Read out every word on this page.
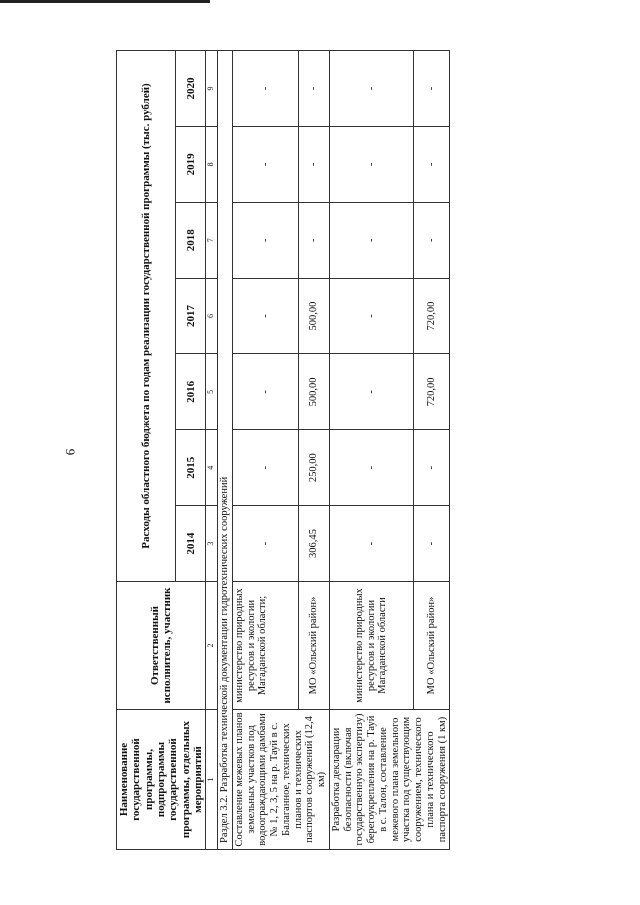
9
Наименование государственной программы, подпрограммы государственной программы, отдельных мероприятий	Ответственный исполнитель, участник	Расходы областного бюджета по годам реализации государственной программы (тыс. рублей)						
		2014	2015	2016	2017	2018	2019	2020
1	2	3	4	5	6	7	8	9
Раздел 3.2. Разработка технической документации гидротехнических сооружений								
Составление межевых планов земельных участков под водоограждающими дамбами № 1, 2, 3, 5 на р. Тауй в с. Балаганное, технических планов и технических паспортов сооружений (12,4 км)	министерство природных ресурсов и экологии Магаданской области;	-	-	-	-	-	-	-
	МО «Ольский район»	306,45	250,00	500,00	500,00	-	-	-
Разработка декларации безопасности (включая государственную экспертизу) берегоукрепления на р. Тауй в с. Талон, составление межевого плана земельного участка под существующим сооружением, технического плана и технического паспорта сооружения (1 км)	министерство природных ресурсов и экологии Магаданской области	-	-	-	-	-	-	-
	МО «Ольский район»	-	-	720,00	720,00	-	-	-
